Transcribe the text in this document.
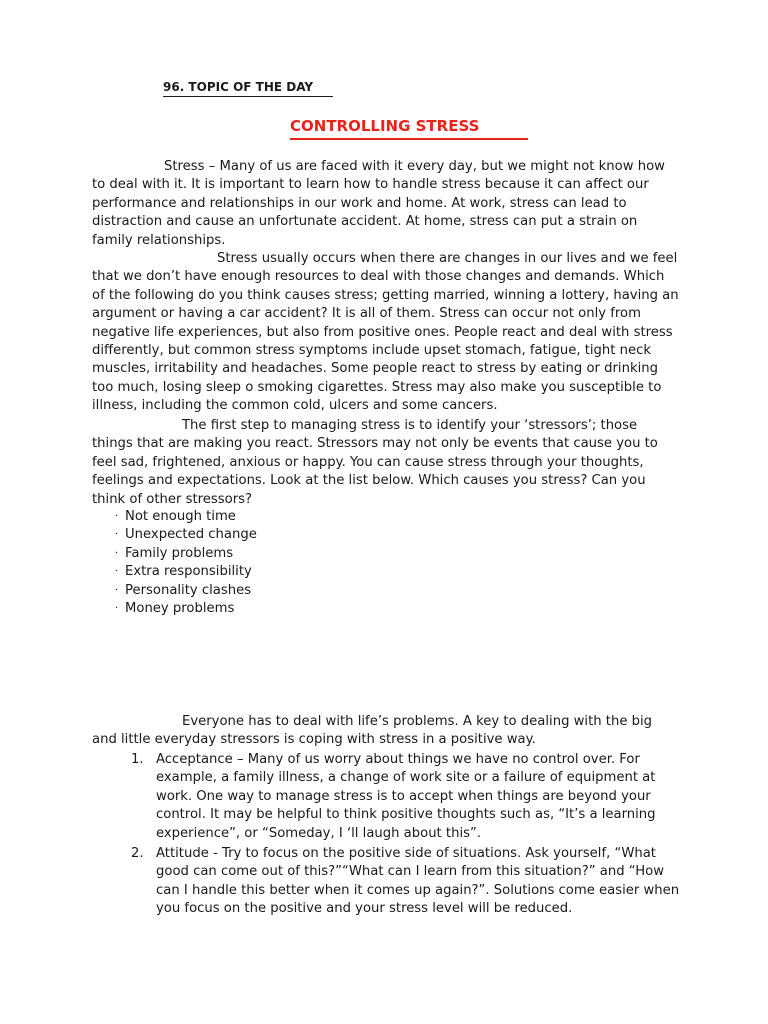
96. TOPIC OF THE DAY
CONTROLLING STRESS
Stress – Many of us are faced with it every day, but we might not know how
to deal with it. It is important to learn how to handle stress because it can affect our
performance and relationships in our work and home. At work, stress can lead to
distraction and cause an unfortunate accident. At home, stress can put a strain on
family relationships.
Stress usually occurs when there are changes in our lives and we feel
that we don’t have enough resources to deal with those changes and demands. Which
of the following do you think causes stress; getting married, winning a lottery, having an
argument or having a car accident? It is all of them. Stress can occur not only from
negative life experiences, but also from positive ones. People react and deal with stress
differently, but common stress symptoms include upset stomach, fatigue, tight neck
muscles, irritability and headaches. Some people react to stress by eating or drinking
too much, losing sleep o smoking cigarettes. Stress may also make you susceptible to
illness, including the common cold, ulcers and some cancers.
The first step to managing stress is to identify your ‘stressors’; those
things that are making you react. Stressors may not only be events that cause you to
feel sad, frightened, anxious or happy. You can cause stress through your thoughts,
feelings and expectations. Look at the list below. Which causes you stress? Can you
think of other stressors?
· Not enough time
· Unexpected change
· Family problems
· Extra responsibility
· Personality clashes
· Money problems
Everyone has to deal with life’s problems. A key to dealing with the big
and little everyday stressors is coping with stress in a positive way.
1. Acceptance – Many of us worry about things we have no control over. For
example, a family illness, a change of work site or a failure of equipment at
work. One way to manage stress is to accept when things are beyond your
control. It may be helpful to think positive thoughts such as, “It’s a learning
experience”, or “Someday, I ‘ll laugh about this”.
2. Attitude - Try to focus on the positive side of situations. Ask yourself, “What
good can come out of this?”“What can I learn from this situation?” and “How
can I handle this better when it comes up again?”. Solutions come easier when
you focus on the positive and your stress level will be reduced.
